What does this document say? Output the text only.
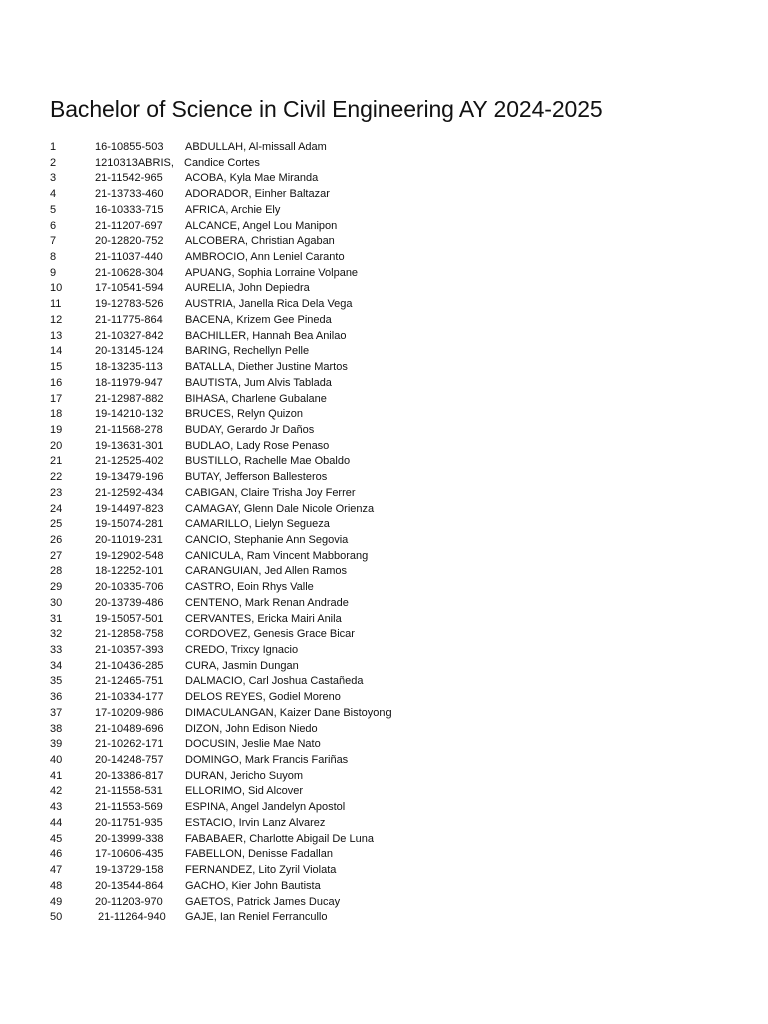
Bachelor of Science in Civil Engineering AY 2024-2025
1	16-10855-503 ABDULLAH, Al-missall Adam
2	1210313ABRIS, Candice Cortes
3	21-11542-965 ACOBA, Kyla Mae Miranda
4	21-13733-460 ADORADOR, Einher Baltazar
5	16-10333-715 AFRICA, Archie Ely
6	21-11207-697 ALCANCE, Angel Lou Manipon
7	20-12820-752 ALCOBERA, Christian Agaban
8	21-11037-440 AMBROCIO, Ann Leniel Caranto
9	21-10628-304 APUANG, Sophia Lorraine Volpane
10	17-10541-594 AURELIA, John Depiedra
11	19-12783-526 AUSTRIA, Janella Rica Dela Vega
12	21-11775-864 BACENA, Krizem Gee Pineda
13	21-10327-842 BACHILLER, Hannah Bea Anilao
14	20-13145-124 BARING, Rechellyn Pelle
15	18-13235-113 BATALLA, Diether Justine Martos
16	18-11979-947 BAUTISTA, Jum Alvis Tablada
17	21-12987-882 BIHASA, Charlene Gubalane
18	19-14210-132 BRUCES, Relyn Quizon
19	21-11568-278 BUDAY, Gerardo Jr Daños
20	19-13631-301 BUDLAO, Lady Rose Penaso
21	21-12525-402 BUSTILLO, Rachelle Mae Obaldo
22	19-13479-196 BUTAY, Jefferson Ballesteros
23	21-12592-434 CABIGAN, Claire Trisha Joy Ferrer
24	19-14497-823 CAMAGAY, Glenn Dale Nicole Orienza
25	19-15074-281 CAMARILLO, Lielyn Segueza
26	20-11019-231 CANCIO, Stephanie Ann Segovia
27	19-12902-548 CANICULA, Ram Vincent Mabborang
28	18-12252-101 CARANGUIAN, Jed Allen Ramos
29	20-10335-706 CASTRO, Eoin Rhys Valle
30	20-13739-486 CENTENO, Mark Renan Andrade
31	19-15057-501 CERVANTES, Ericka Mairi Anila
32	21-12858-758 CORDOVEZ, Genesis Grace Bicar
33	21-10357-393 CREDO, Trixcy Ignacio
34	21-10436-285 CURA, Jasmin Dungan
35	21-12465-751 DALMACIO, Carl Joshua Castañeda
36	21-10334-177 DELOS REYES, Godiel Moreno
37	17-10209-986 DIMACULANGAN, Kaizer Dane Bistoyong
38	21-10489-696 DIZON, John Edison Niedo
39	21-10262-171 DOCUSIN, Jeslie Mae Nato
40	20-14248-757 DOMINGO, Mark Francis Fariñas
41	20-13386-817 DURAN, Jericho Suyom
42	21-11558-531 ELLORIMO, Sid Alcover
43	21-11553-569 ESPINA, Angel Jandelyn Apostol
44	20-11751-935 ESTACIO, Irvin Lanz Alvarez
45	20-13999-338 FABABAER, Charlotte Abigail De Luna
46	17-10606-435 FABELLON, Denisse Fadallan
47	19-13729-158 FERNANDEZ, Lito Zyril Violata
48	20-13544-864 GACHO, Kier John Bautista
49	20-11203-970 GAETOS, Patrick James Ducay
50	21-11264-940 GAJE, Ian Reniel Ferrancullo
